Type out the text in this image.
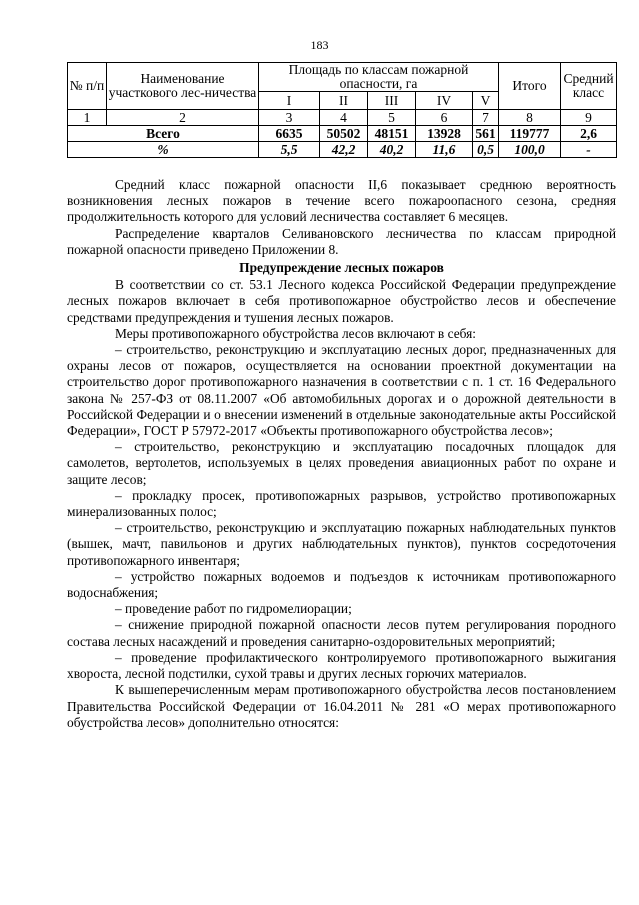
183
№ п/п	Наименование участкового лес-ничества	Площадь по классам пожарной опасности, га					Итого	Средний класс
		I	II	III	IV	V		
1	2	3	4	5	6	7	8	9
Всего		6635	50502	48151	13928	561	119777	2,6
%		5,5	42,2	40,2	11,6	0,5	100,0	-

Средний класс пожарной опасности II,6 показывает среднюю вероятность возникновения лесных пожаров в течение всего пожароопасного сезона, средняя продолжительность которого для условий лесничества составляет 6 месяцев.

Распределение кварталов Селивановского лесничества по классам природной пожарной опасности приведено Приложении 8.

Предупреждение лесных пожаров

В соответствии со ст. 53.1 Лесного кодекса Российской Федерации предупреждение лесных пожаров включает в себя противопожарное обустройство лесов и обеспечение средствами предупреждения и тушения лесных пожаров.

Меры противопожарного обустройства лесов включают в себя:

– строительство, реконструкцию и эксплуатацию лесных дорог, предназначенных для охраны лесов от пожаров, осуществляется на основании проектной документации на строительство дорог противопожарного назначения в соответствии с п. 1 ст. 16 Федерального закона № 257-ФЗ от 08.11.2007 «Об автомобильных дорогах и о дорожной деятельности в Российской Федерации и о внесении изменений в отдельные законодательные акты Российской Федерации», ГОСТ Р 57972-2017 «Объекты противопожарного обустройства лесов»;

– строительство, реконструкцию и эксплуатацию посадочных площадок для самолетов, вертолетов, используемых в целях проведения авиационных работ по охране и защите лесов;

– прокладку просек, противопожарных разрывов, устройство противопожарных минерализованных полос;

– строительство, реконструкцию и эксплуатацию пожарных наблюдательных пунктов (вышек, мачт, павильонов и других наблюдательных пунктов), пунктов сосредоточения противопожарного инвентаря;

– устройство пожарных водоемов и подъездов к источникам противопожарного водоснабжения;

– проведение работ по гидромелиорации;

– снижение природной пожарной опасности лесов путем регулирования породного состава лесных насаждений и проведения санитарно-оздоровительных мероприятий;

– проведение профилактического контролируемого противопожарного выжигания хвороста, лесной подстилки, сухой травы и других лесных горючих материалов.

К вышеперечисленным мерам противопожарного обустройства лесов постановлением Правительства Российской Федерации от 16.04.2011 № 281 «О мерах противопожарного обустройства лесов» дополнительно относятся:
